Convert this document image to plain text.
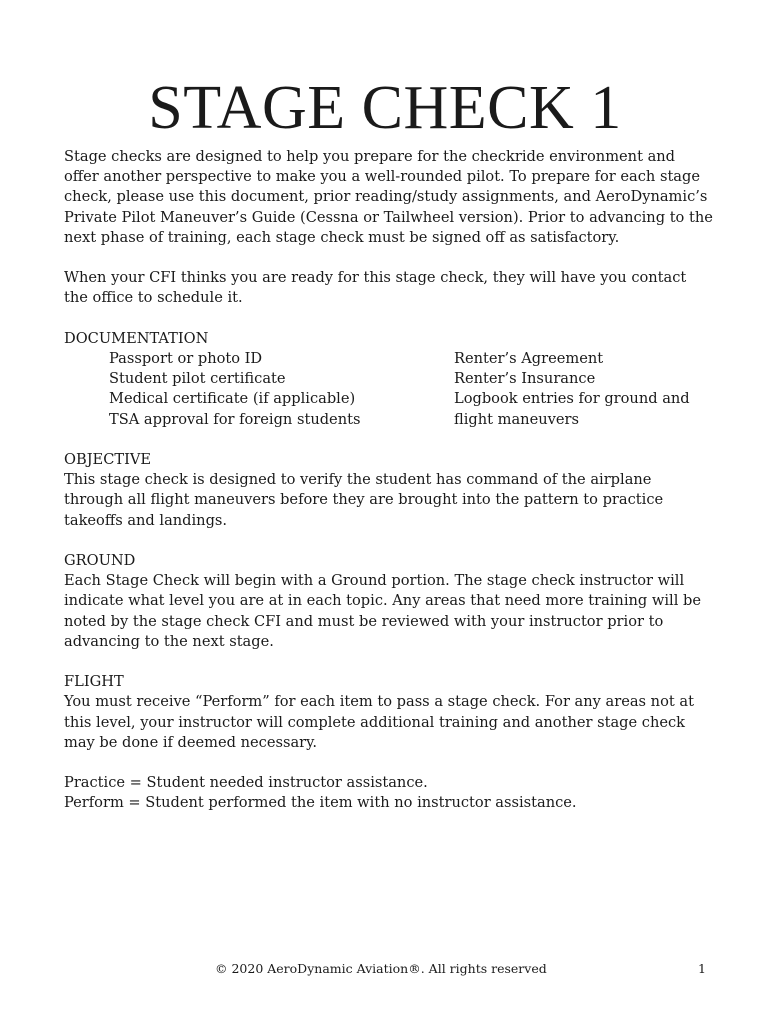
STAGE CHECK 1

Stage checks are designed to help you prepare for the checkride environment and offer another perspective to make you a well-rounded pilot. To prepare for each stage check, please use this document, prior reading/study assignments, and AeroDynamic’s Private Pilot Maneuver’s Guide (Cessna or Tailwheel version). Prior to advancing to the next phase of training, each stage check must be signed off as satisfactory.

When your CFI thinks you are ready for this stage check, they will have you contact the office to schedule it.

DOCUMENTATION
Passport or photo ID
Student pilot certificate
Medical certificate (if applicable)
TSA approval for foreign students
Renter’s Agreement
Renter’s Insurance
Logbook entries for ground and flight maneuvers
OBJECTIVE

This stage check is designed to verify the student has command of the airplane through all flight maneuvers before they are brought into the pattern to practice takeoffs and landings.

GROUND

Each Stage Check will begin with a Ground portion. The stage check instructor will indicate what level you are at in each topic. Any areas that need more training will be noted by the stage check CFI and must be reviewed with your instructor prior to advancing to the next stage.

FLIGHT

You must receive “Perform” for each item to pass a stage check. For any areas not at this level, your instructor will complete additional training and another stage check may be done if deemed necessary.

Practice = Student needed instructor assistance.

Perform = Student performed the item with no instructor assistance.

© 2020 AeroDynamic Aviation®. All rights reserved	1
